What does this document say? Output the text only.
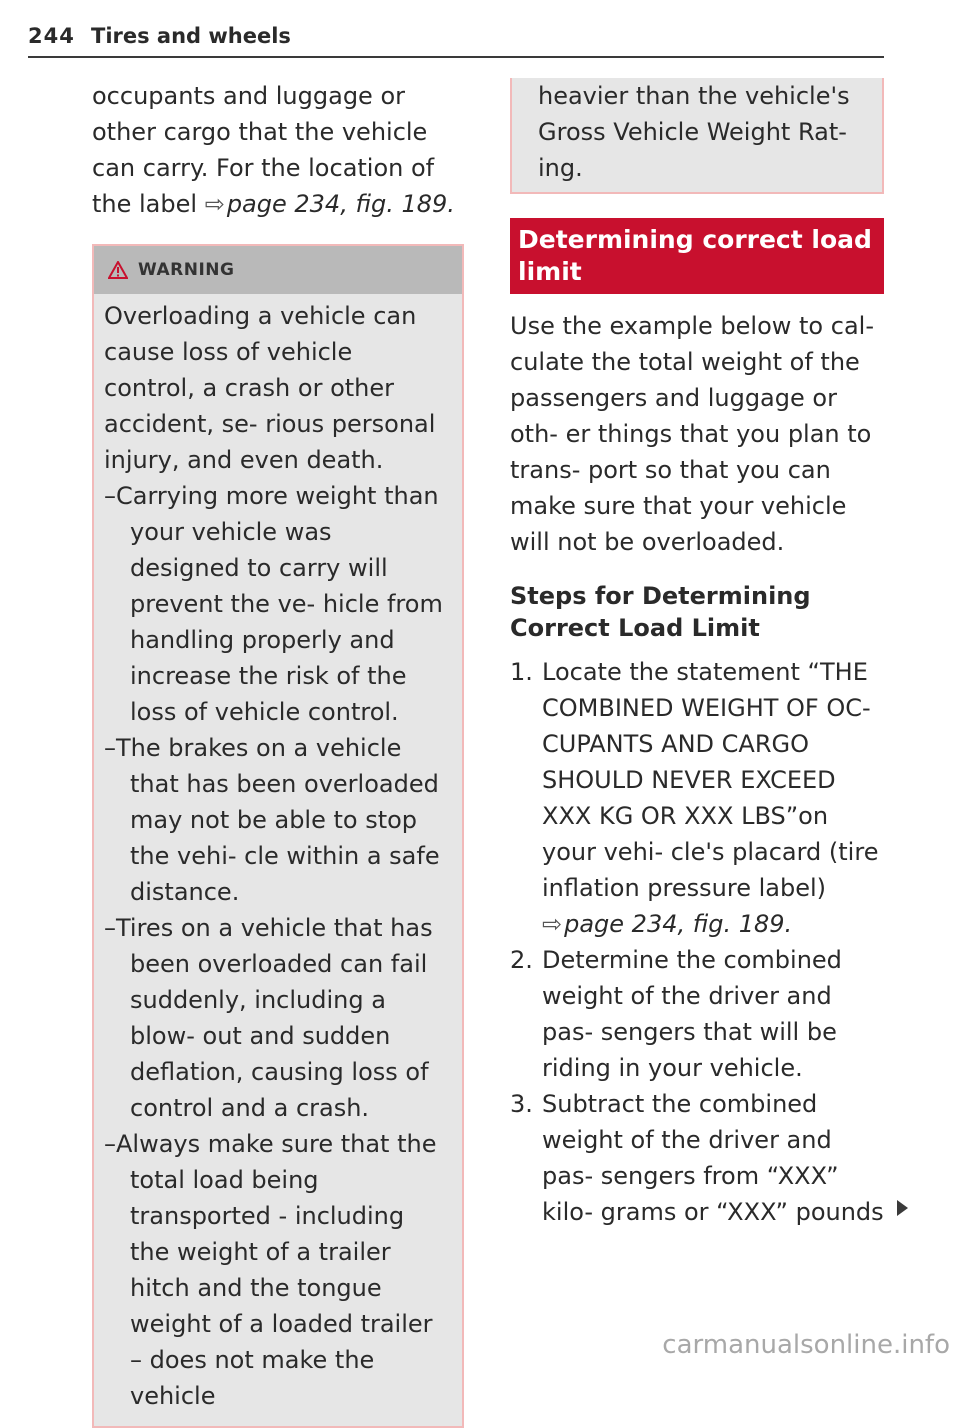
244 Tires and wheels

occupants and luggage or other cargo that the vehicle can carry. For the location of the label ⇨page 234, fig. 189.

WARNING

Overloading a vehicle can cause loss of vehicle control, a crash or other accident, se- rious personal injury, and even death.

–Carrying more weight than your vehicle was designed to carry will prevent the ve- hicle from handling properly and increase the risk of the loss of vehicle control.
–The brakes on a vehicle that has been overloaded may not be able to stop the vehi- cle within a safe distance.
–Tires on a vehicle that has been overloaded can fail suddenly, including a blow- out and sudden deflation, causing loss of control and a crash.
–Always make sure that the total load being transported - including the weight of a trailer hitch and the tongue weight of a loaded trailer – does not make the vehicle

heavier than the vehicle's Gross Vehicle Weight Rat- ing.

Determining correct load limit

Use the example below to cal- culate the total weight of the passengers and luggage or oth- er things that you plan to trans- port so that you can make sure that your vehicle will not be overloaded.

Steps for Determining Correct Load Limit
1. Locate the statement “THE COMBINED WEIGHT OF OC- CUPANTS AND CARGO SHOULD NEVER EXCEED XXX KG OR XXX LBS”on your vehi- cle's placard (tire inflation pressure label) ⇨page 234, fig. 189.
2. Determine the combined weight of the driver and pas- sengers that will be riding in your vehicle.
3. Subtract the combined weight of the driver and pas- sengers from “XXX” kilo- grams or “XXX” pounds
carmanualsonline.info
